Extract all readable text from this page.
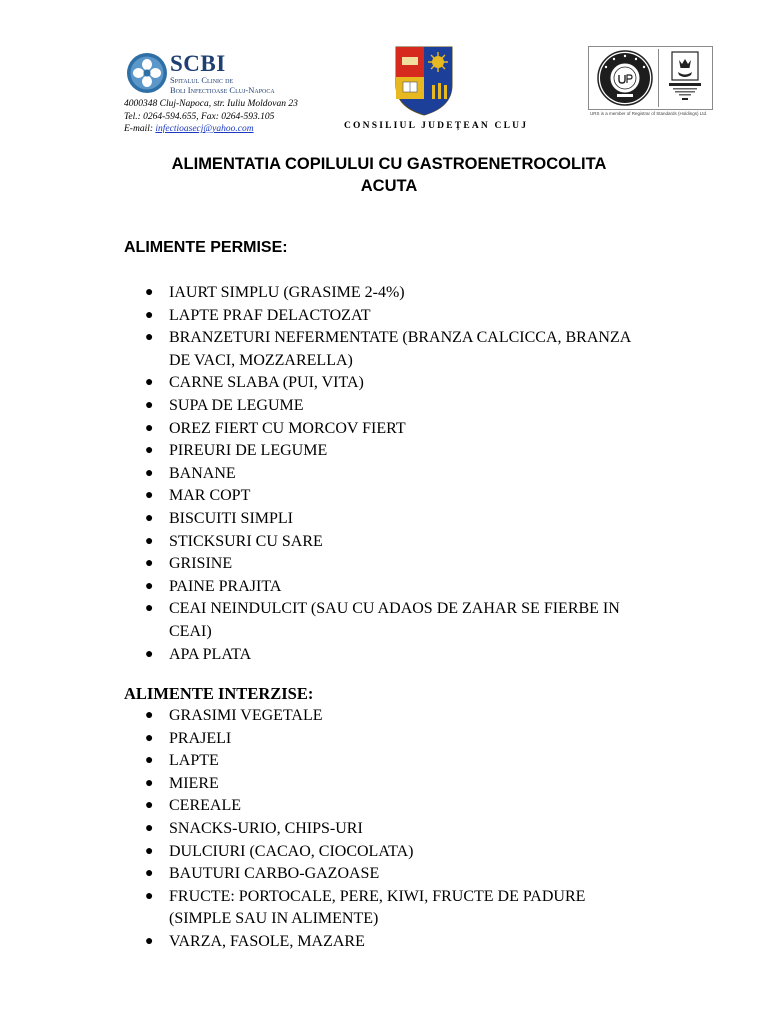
SCBI
Spitalul Clinic de
Boli Infectioase Cluj-Napoca
4000348 Cluj-Napoca, str. Iuliu Moldovan 23
Tel.: 0264-594.655, Fax: 0264-593.105
E-mail: infectioasecj@yahoo.com	CONSILIUL JUDEȚEAN CLUJ
URS is a member of Registrar of Standards (Holdings) Ltd.
ALIMENTATIA COPILULUI CU GASTROENETROCOLITA
ACUTA
ALIMENTE PERMISE:
● IAURT SIMPLU (GRASIME 2-4%)
● LAPTE PRAF DELACTOZAT
● BRANZETURI NEFERMENTATE (BRANZA CALCICCA, BRANZA DE VACI, MOZZARELLA)
● CARNE SLABA (PUI, VITA)
● SUPA DE LEGUME
● OREZ FIERT CU MORCOV FIERT
● PIREURI DE LEGUME
● BANANE
● MAR COPT
● BISCUITI SIMPLI
● STICKSURI CU SARE
● GRISINE
● PAINE PRAJITA
● CEAI NEINDULCIT (SAU CU ADAOS DE ZAHAR SE FIERBE IN CEAI)
● APA PLATA
ALIMENTE INTERZISE:
● GRASIMI VEGETALE
● PRAJELI
● LAPTE
● MIERE
● CEREALE
● SNACKS-URIO, CHIPS-URI
● DULCIURI (CACAO, CIOCOLATA)
● BAUTURI CARBO-GAZOASE
● FRUCTE: PORTOCALE, PERE, KIWI, FRUCTE DE PADURE (SIMPLE SAU IN ALIMENTE)
● VARZA, FASOLE, MAZARE
